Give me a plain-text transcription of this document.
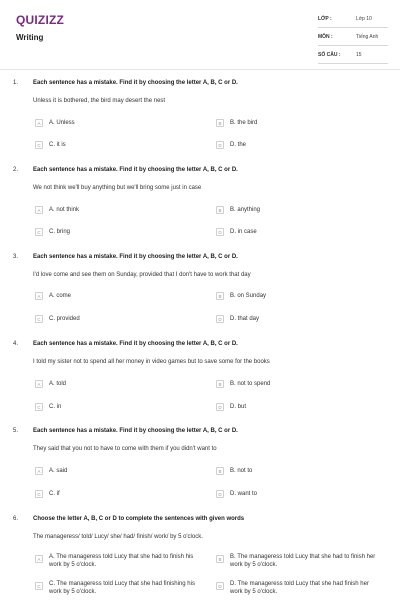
QUIZIZZ
Writing
LỚP :	Lớp 10
MÔN :	Tiếng Anh
SỐ CÂU :	15
1. Each sentence has a mistake. Find it by choosing the letter A, B, C or D.
Unless it is bothered, the bird may desert the nest
A	A. Unless	B	B. the bird
C	C. it is	D	D. the
2. Each sentence has a mistake. Find it by choosing the letter A, B, C or D.
We not think we'll buy anything but we'll bring some just in case
A	A. not think	B	B. anything
C	C. bring	D	D. in case
3. Each sentence has a mistake. Find it by choosing the letter A, B, C or D.
I'd love come and see them on Sunday, provided that I don't have to work that day
A	A. come	B	B. on Sunday
C	C. provided	D	D. that day
4. Each sentence has a mistake. Find it by choosing the letter A, B, C or D.
I told my sister not to spend all her money in video games but to save some for the books
A	A. told	B	B. not to spend
C	C. in	D	D. but
5. Each sentence has a mistake. Find it by choosing the letter A, B, C or D.
They said that you not to have to come with them if you didn't want to
A	A. said	B	B. not to
C	C. if	D	D. want to
6. Choose the letter A, B, C or D to complete the sentences with given words
The manageress/ told/ Lucy/ she/ had/ finish/ work/ by 5 o'clock.
A	A. The manageress told Lucy that she had to finish his work by 5 o'clock.
B	B. The manageress told Lucy that she had to finish her work by 5 o'clock.
C	C. The manageress told Lucy that she had finishing his work by 5 o'clock.
D	D. The manageress told Lucy that she had finish her work by 5 o'clock.
